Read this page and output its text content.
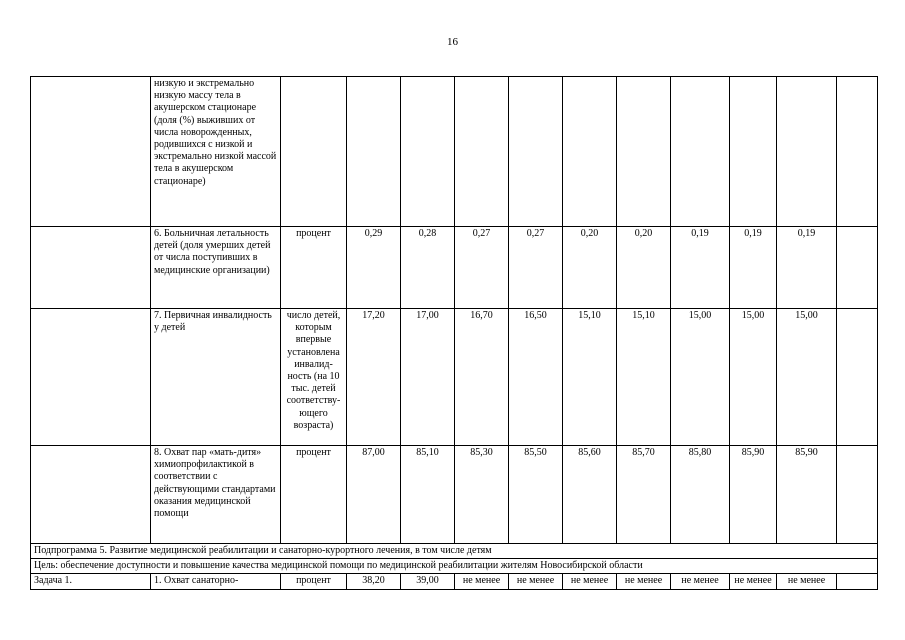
16
	низкую и экстремально низкую массу тела в акушерском стационаре (доля (%) выживших от числа новорожденных, родившихся с низкой и экстремально низкой массой тела в акушерском стационаре)											
	6. Больничная летальность детей (доля умерших детей от числа поступивших в медицинские организации)	процент	0,29	0,28	0,27	0,27	0,20	0,20	0,19	0,19	0,19	
	7. Первичная инвалидность у детей	число детей, которым впервые установлена инвалид- ность (на 10 тыс. детей соответству- ющего возраста)	17,20	17,00	16,70	16,50	15,10	15,10	15,00	15,00	15,00	
	8. Охват пар «мать-дитя» химиопрофилактикой в соответствии с действующими стандартами оказания медицинской помощи	процент	87,00	85,10	85,30	85,50	85,60	85,70	85,80	85,90	85,90	
Подпрограмма 5. Развитие медицинской реабилитации и санаторно-курортного лечения, в том числе детям												
Цель: обеспечение доступности и повышение качества медицинской помощи по медицинской реабилитации жителям Новосибирской области												
Задача 1.	1. Охват санаторно-	процент	38,20	39,00	не менее	не менее	не менее	не менее	не менее	не менее	не менее	
